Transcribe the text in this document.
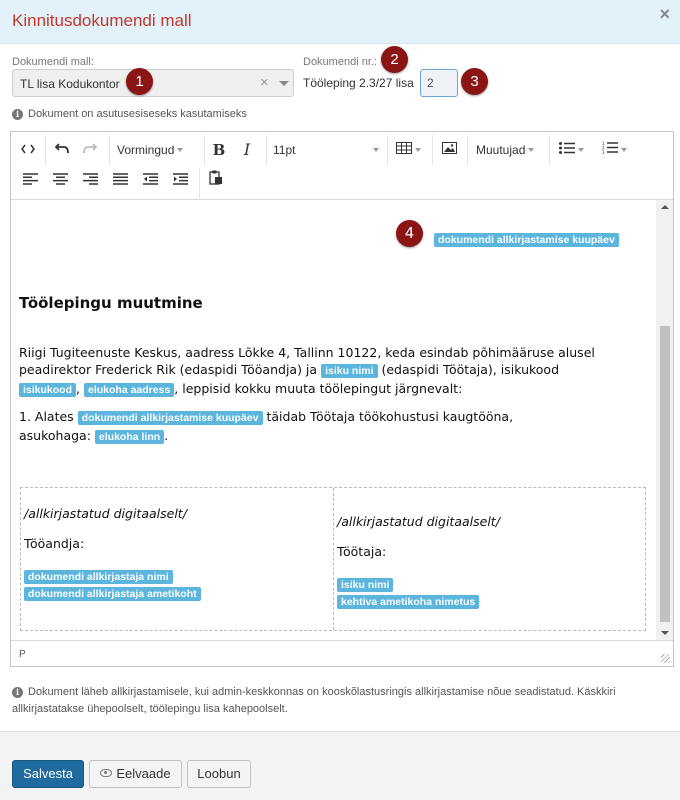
Kinnitusdokumendi mall	×
Dokumendi mall:
TL lisa Kodukontor	×
1
Dokumendi nr.: 2
Tööleping 2.3/27 lisa
2	3
i Dokument on asutusesiseseks kasutamiseks
Vormingud	B	I	11pt	Muutujad	1
2
3
dokumendi allkirjastamise kuupäev
4
Töölepingu muutmine
Riigi Tugiteenuste Keskus, aadress Lõkke 4, Tallinn 10122, keda esindab põhimääruse alusel
peadirektor Frederick Rik (edaspidi Tööandja) ja isiku nimi (edaspidi Töötaja), isikukood
isikukood , elukoha aadress , leppisid kokku muuta töölepingut järgnevalt:
1. Alates dokumendi allkirjastamise kuupäev täidab Töötaja töökohustusi kaugtööna,
asukohaga: elukoha linn .
/allkirjastatud digitaalselt/
Tööandja:
dokumendi allkirjastaja nimi
dokumendi allkirjastaja ametikoht
/allkirjastatud digitaalselt/
Töötaja:
isiku nimi
kehtiva ametikoha nimetus
P
i Dokument läheb allkirjastamisele, kui admin-keskkonnas on kooskõlastusringis allkirjastamise nõue seadistatud. Käskkiri
allkirjastatakse ühepoolselt, töölepingu lisa kahepoolselt.
Salvesta	Eelvaade	Loobun
